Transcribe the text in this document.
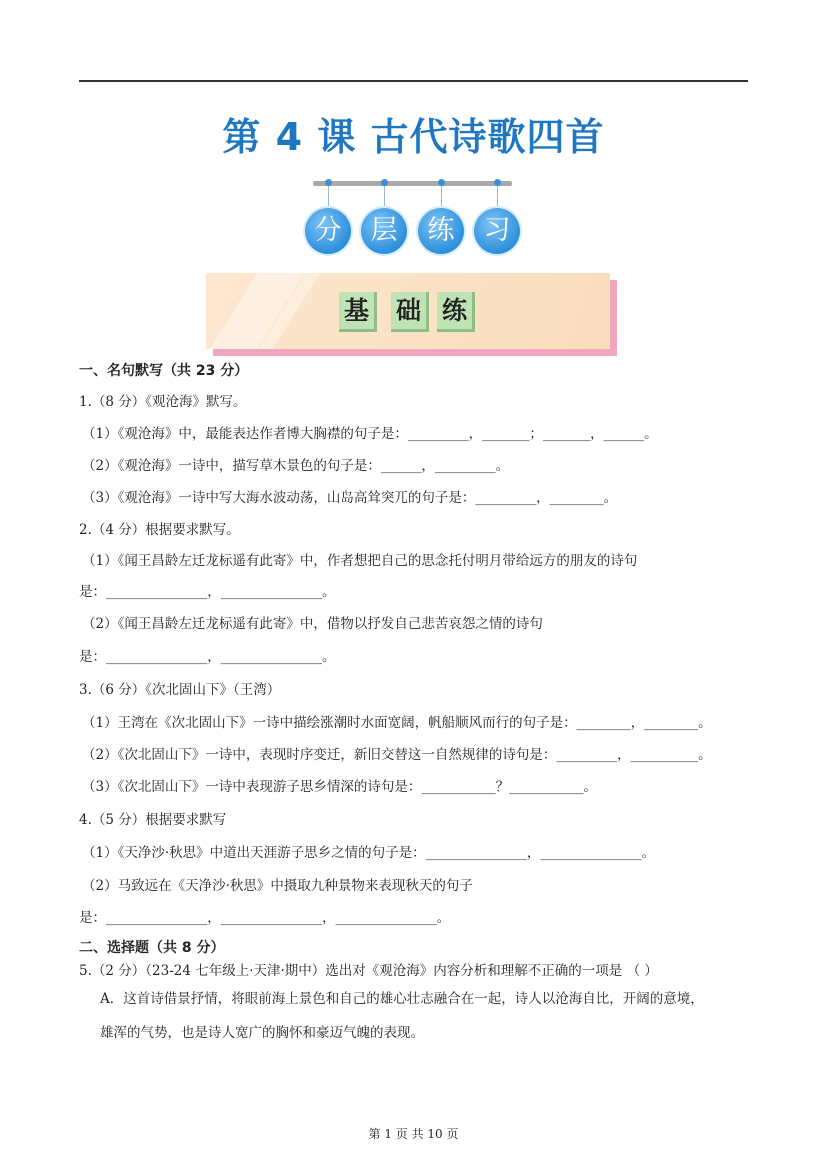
第 4 课 古代诗歌四首
分	层	练	习
基	础 练
一、名句默写（共 23 分）
1.（8 分）《观沧海》默写。
（1）《观沧海》中，最能表达作者博大胸襟的句子是：_________，_______；_______，______。
（2）《观沧海》一诗中，描写草木景色的句子是：______，_________。
（3）《观沧海》一诗中写大海水波动荡，山岛高耸突兀的句子是：_________，________。
2.（4 分）根据要求默写。
（1）《闻王昌龄左迁龙标遥有此寄》中，作者想把自己的思念托付明月带给远方的朋友的诗句
是：_______________，_______________。
（2）《闻王昌龄左迁龙标遥有此寄》中，借物以抒发自己悲苦哀怨之情的诗句
是：_______________，_______________。
3.（6 分）《次北固山下》（王湾）
（1）王湾在《次北固山下》一诗中描绘涨潮时水面宽阔，帆船顺风而行的句子是：________，________。
（2）《次北固山下》一诗中，表现时序变迁，新旧交替这一自然规律的诗句是：_________，__________。
（3）《次北固山下》一诗中表现游子思乡情深的诗句是：___________？___________。
4.（5 分）根据要求默写
（1）《天净沙·秋思》中道出天涯游子思乡之情的句子是：_______________，_______________。
（2）马致远在《天净沙·秋思》中摄取九种景物来表现秋天的句子
是：_______________，_______________，_______________。
二、选择题（共 8 分）
5.（2 分）（23-24 七年级上·天津·期中）选出对《观沧海》内容分析和理解不正确的一项是 （ ）
A．这首诗借景抒情，将眼前海上景色和自己的雄心壮志融合在一起，诗人以沧海自比，开阔的意境，
雄浑的气势，也是诗人宽广的胸怀和豪迈气魄的表现。
第 1 页 共 10 页
